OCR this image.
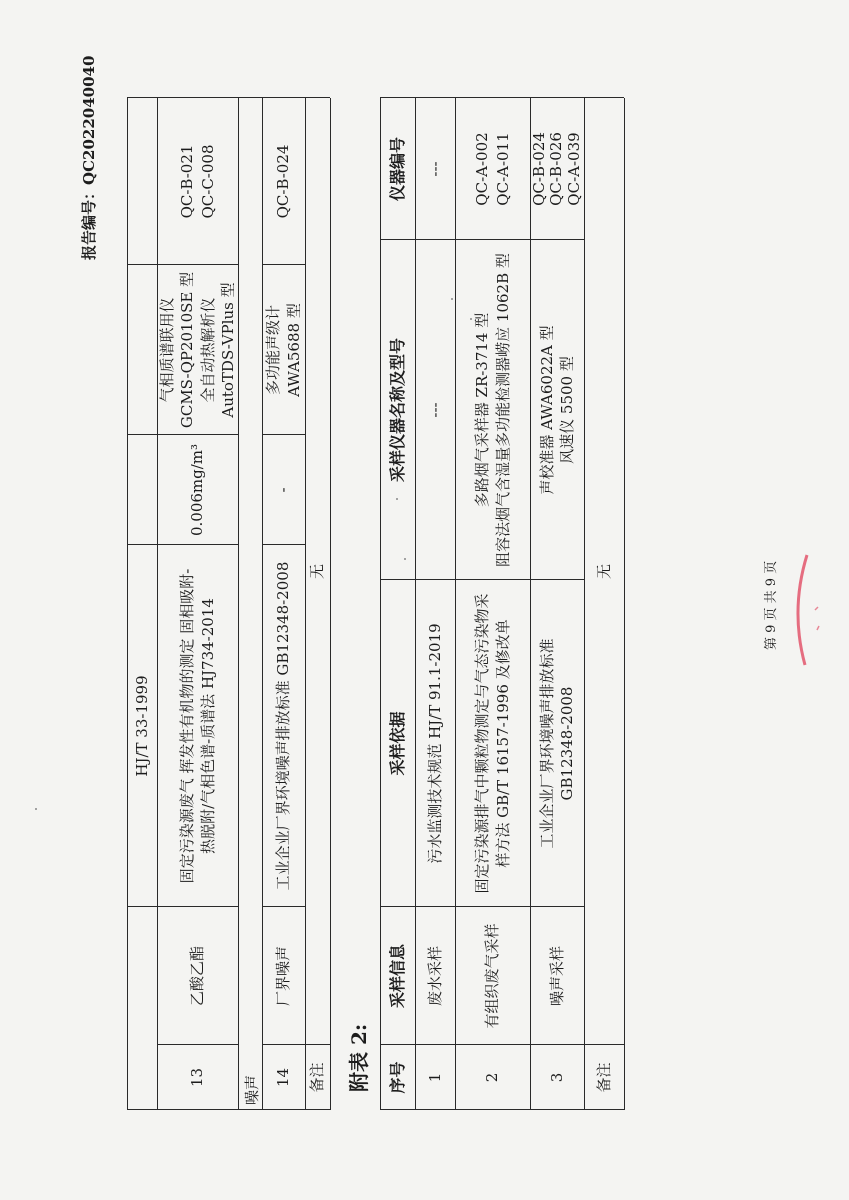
报告编号：QC2022040040
HJ/T 33-1999
13
乙酸乙酯
固定污染源废气 挥发性有机物的测定 固相吸附- 热脱附/气相色谱-质谱法 HJ734-2014
0.006mg/m³
气相质谱联用仪 GCMS-QP2010SE 型 全自动热解析仪 AutoTDS-VPlus 型
QC-B-021 QC-C-008
噪声 14
厂界噪声
工业企业厂界环境噪声排放标准 GB12348-2008
-
多功能声级计 AWA5688 型
QC-B-024
备注
无
附表 2:	序号
采样信息
采样依据
采样仪器名称及型号
仪器编号
1
废水采样
污水监测技术规范 HJ/T 91.1-2019
---
---
2
有组织废气采样
固定污染源排气中颗粒物测定与气态污染物采 样方法 GB/T 16157-1996 及修改单
多路烟气采样器 ZR-3714 型 阻容法烟气含湿量多功能检测器崂应 1062B 型
QC-A-002 QC-A-011
3
噪声采样
工业企业厂界环境噪声排放标准 GB12348-2008
声校准器 AWA6022A 型 风速仪 5500 型
QC-B-024 QC-B-026 QC-A-039
备注
无	第 9 页 共 9 页
